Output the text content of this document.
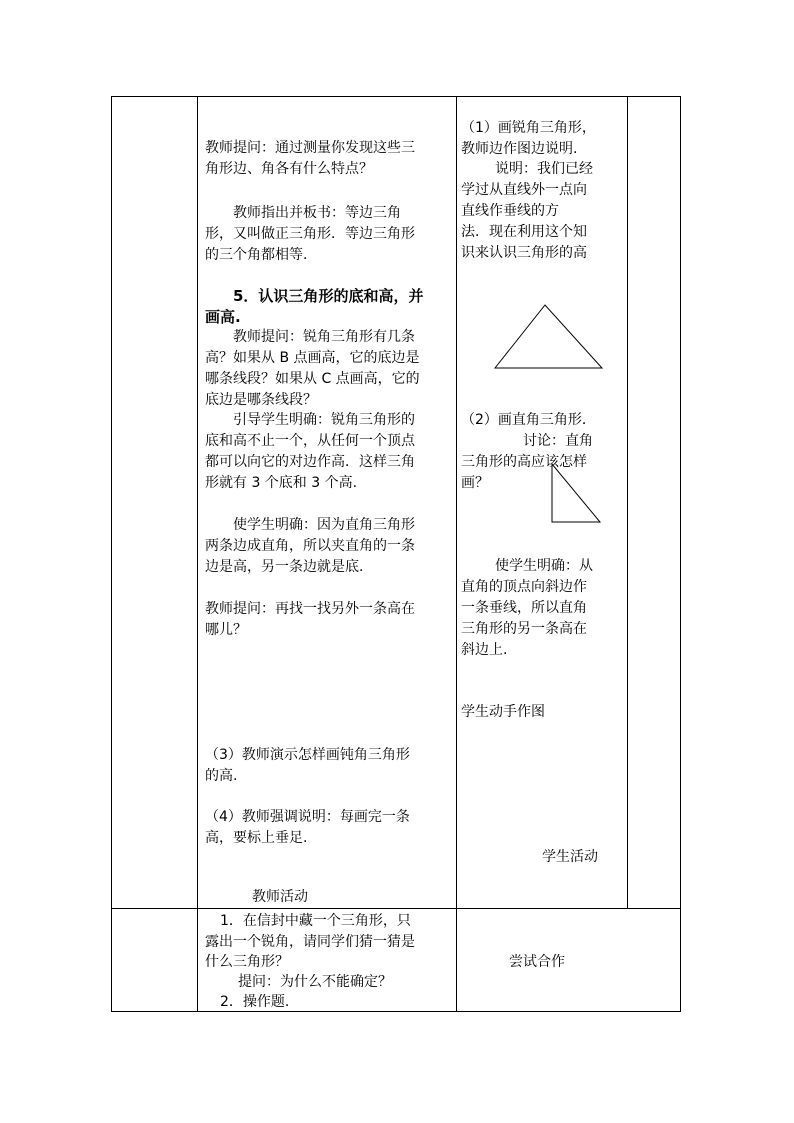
教师提问：通过测量你发现这些三
角形边、角各有什么特点？
教师指出并板书：等边三角
形，又叫做正三角形．等边三角形
的三个角都相等.
5．认识三角形的底和高，并
画高.
教师提问：锐角三角形有几条
高？如果从 B 点画高，它的底边是
哪条线段？如果从 C 点画高，它的
底边是哪条线段？
引导学生明确：锐角三角形的
底和高不止一个，从任何一个顶点
都可以向它的对边作高．这样三角
形就有 3 个底和 3 个高.
使学生明确：因为直角三角形
两条边成直角，所以夹直角的一条
边是高，另一条边就是底.
教师提问：再找一找另外一条高在
哪儿？
（3）教师演示怎样画钝角三角形
的高.
（4）教师强调说明：每画完一条
高，要标上垂足.
教师活动
（1）画锐角三角形，
教师边作图边说明.
说明：我们已经
学过从直线外一点向
直线作垂线的方
法．现在利用这个知
识来认识三角形的高
（2）画直角三角形．
讨论：直角
三角形的高应该怎样
画？
使学生明确：从
直角的顶点向斜边作
一条垂线，所以直角
三角形的另一条高在
斜边上.
学生动手作图
学生活动
1．在信封中藏一个三角形，只
露出一个锐角，请同学们猜一猜是
什么三角形？
提问：为什么不能确定？
2．操作题.
尝试合作
